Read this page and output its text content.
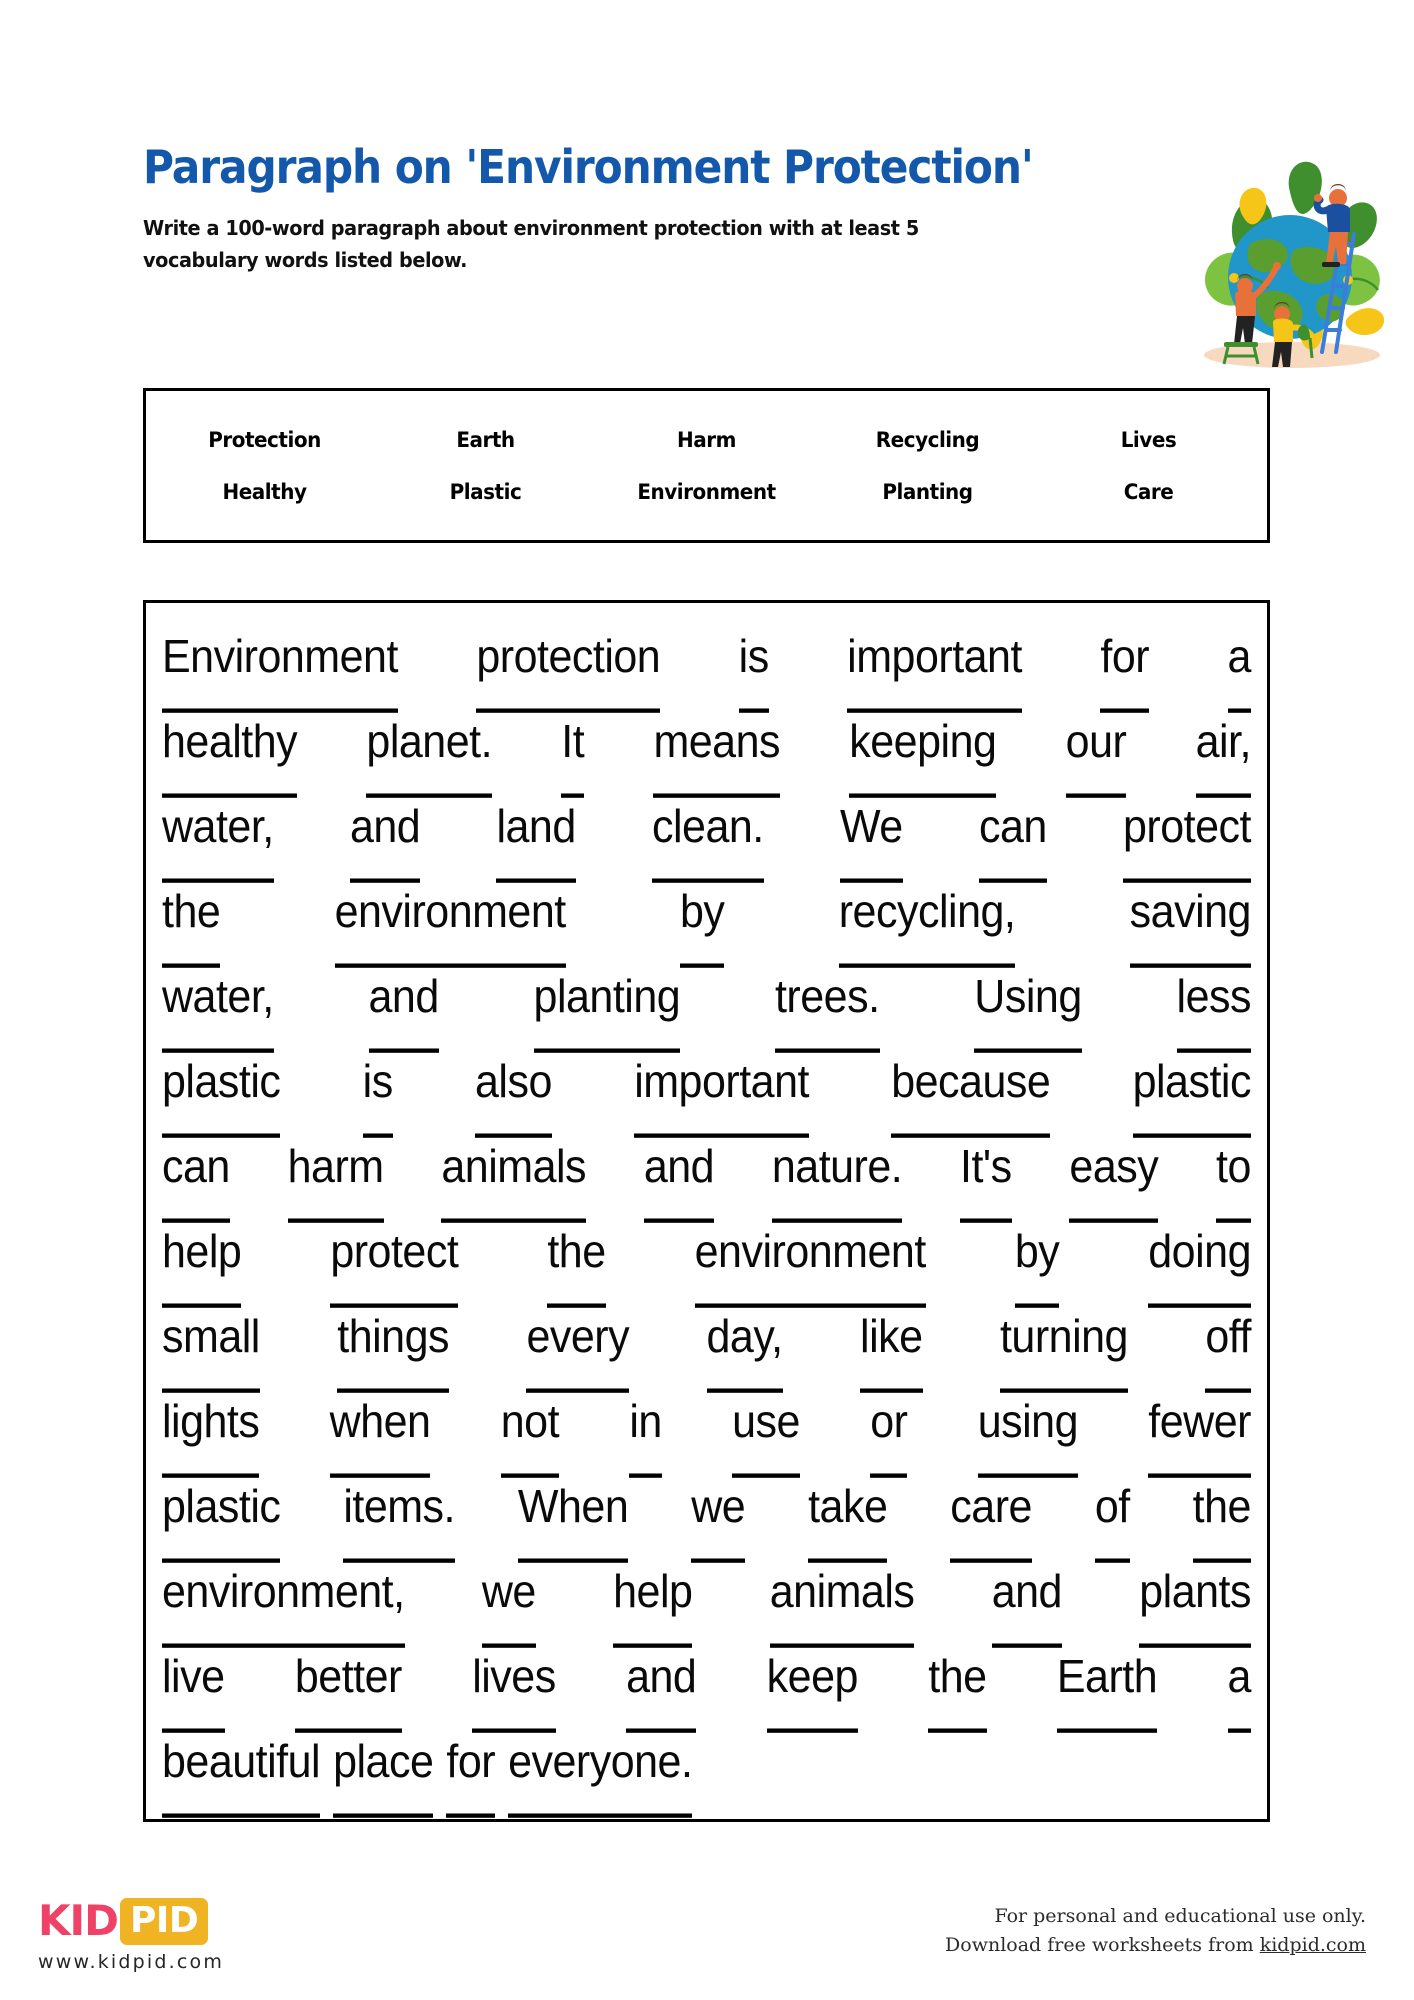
Paragraph on 'Environment Protection'
Write a 100-word paragraph about environment protection with at least 5 vocabulary words listed below.
Protection	Earth	Harm	Recycling	Lives
Healthy	Plastic	Environment	Planting	Care
Environment protection is important for a
healthy planet. It means keeping our air,
water, and land clean. We can protect
the	environment	by	recycling,	saving
water, and planting trees. Using less
plastic is also important because plastic
can harm animals and nature. It's easy to
help protect the environment by doing
small things every day, like turning off
lights when not in use or using fewer
plastic items. When we take care of the
environment, we help animals and plants
live better lives and keep the Earth a
beautiful place for everyone.
KID PID
www.kidpid.com
For personal and educational use only.
Download free worksheets from kidpid.com
